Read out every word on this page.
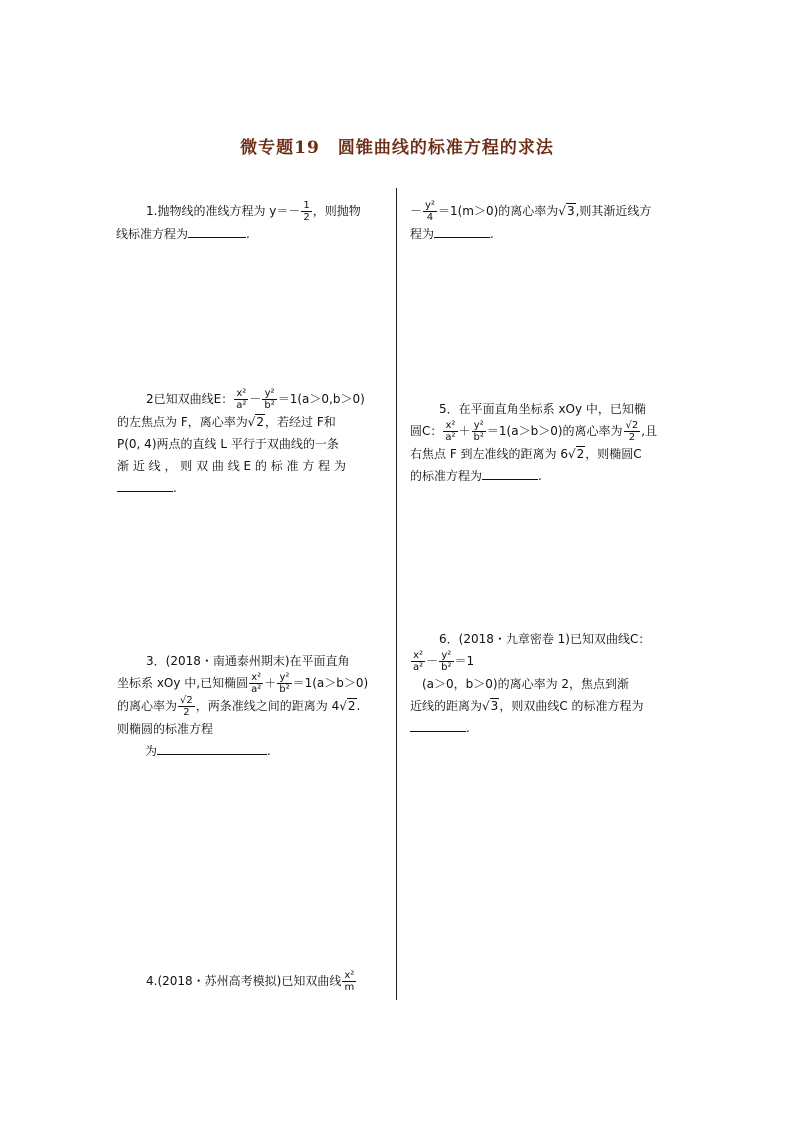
微专题19　圆锥曲线的标准方程的求法
1.抛物线的准线方程为 $y=- \frac{1}{2}$ ，则抛物
线标准方程为	.
2已知双曲线E： $\frac{\text{x²}}{\text{a²}} - \frac{\text{y²}}{\text{b²}} =1(a>0,b>0)$
的左焦点为 F，离心率为√2，若经过 F和
P(0, 4)两点的直线 L 平行于双曲线的一条
渐 近 线 ， 则 双 曲 线 E 的 标 准 方 程 为
.
3．(2018・南通泰州期末)在平面直角
坐标系 xOy 中,已知椭圆 $\frac{\text{x²}}{\text{a²}} + \frac{\text{y²}}{\text{b²}} =1(a>b>0)$
的离心率为 $\frac{√2}{2}$ ，两条准线之间的距离为 4√2.
则椭圆的标准方程
为	.
4.(2018・苏州高考模拟)已知双曲线 $\frac{\text{x²}}{m}$
－ $\frac{\text{y²}}{4} =1(m>0)$的离心率为√3,则其渐近线方
程为	.
5．在平面直角坐标系 xOy 中，已知椭
圆C： $\frac{\text{x²}}{\text{a²}} + \frac{\text{y²}}{\text{b²}} =1(a>b>0)$的离心率为 $\frac{√2}{2}$ ,且
右焦点 F 到左准线的距离为 6√2，则椭圆C
的标准方程为	.
6．(2018・九章密卷 1)已知双曲线C：
$\frac{\text{x²}}{\text{a²}} - \frac{\text{y²}}{\text{b²}} =1$
(a＞0，b＞0)的离心率为 2，焦点到渐
近线的距离为√3，则双曲线C 的标准方程为
.
